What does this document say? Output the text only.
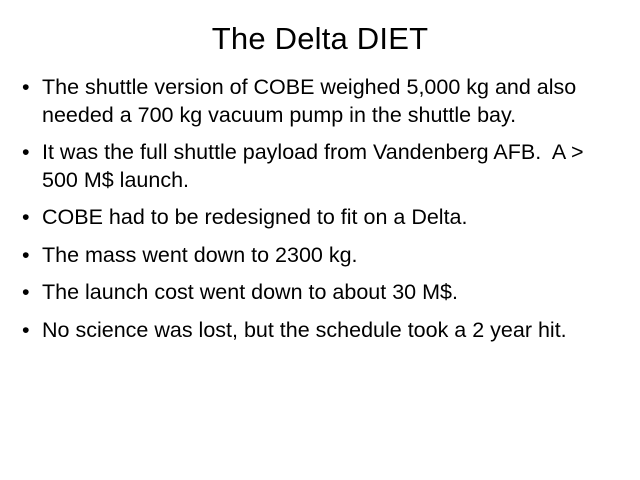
The Delta DIET
• The shuttle version of COBE weighed 5,000 kg and also needed a 700 kg vacuum pump in the shuttle bay.
• It was the full shuttle payload from Vandenberg AFB.  A > 500 M$ launch.
• COBE had to be redesigned to fit on a Delta.
• The mass went down to 2300 kg.
• The launch cost went down to about 30 M$.
• No science was lost, but the schedule took a 2 year hit.
